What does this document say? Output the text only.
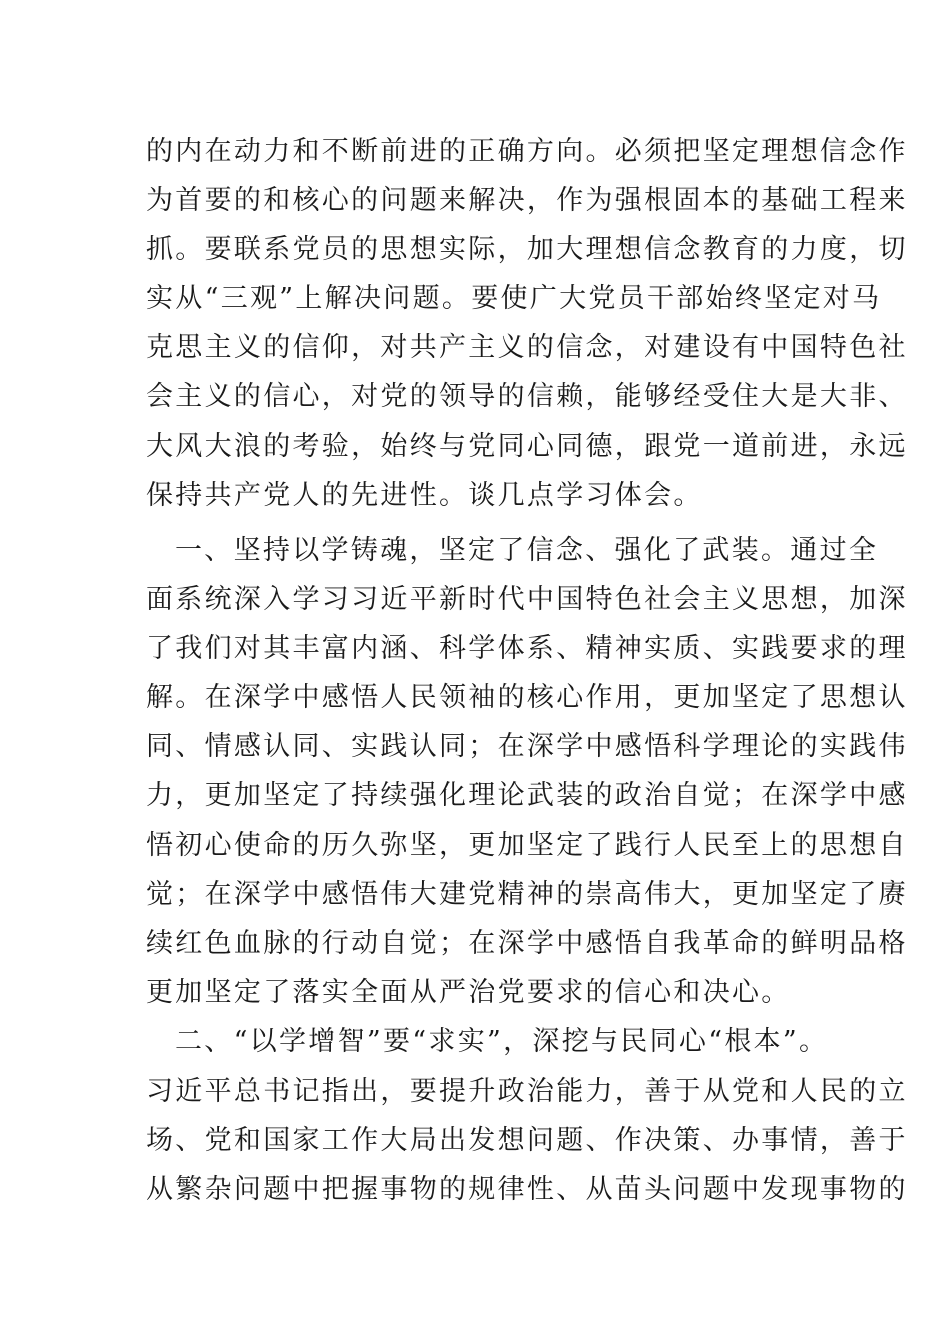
的内在动力和不断前进的正确方向。必须把坚定理想信念作
为首要的和核心的问题来解决，作为强根固本的基础工程来
抓。要联系党员的思想实际，加大理想信念教育的力度，切
实从“三观”上解决问题。要使广大党员干部始终坚定对马
克思主义的信仰，对共产主义的信念，对建设有中国特色社
会主义的信心，对党的领导的信赖，能够经受住大是大非、
大风大浪的考验，始终与党同心同德，跟党一道前进，永远
保持共产党人的先进性。谈几点学习体会。
一、坚持以学铸魂，坚定了信念、强化了武装。通过全
面系统深入学习习近平新时代中国特色社会主义思想，加深
了我们对其丰富内涵、科学体系、精神实质、实践要求的理
解。在深学中感悟人民领袖的核心作用，更加坚定了思想认
同、情感认同、实践认同；在深学中感悟科学理论的实践伟
力，更加坚定了持续强化理论武装的政治自觉；在深学中感
悟初心使命的历久弥坚，更加坚定了践行人民至上的思想自
觉；在深学中感悟伟大建党精神的崇高伟大，更加坚定了赓
续红色血脉的行动自觉；在深学中感悟自我革命的鲜明品格
更加坚定了落实全面从严治党要求的信心和决心。
二、“以学增智”要“求实”，深挖与民同心“根本”。
习近平总书记指出，要提升政治能力，善于从党和人民的立
场、党和国家工作大局出发想问题、作决策、办事情，善于
从繁杂问题中把握事物的规律性、从苗头问题中发现事物的
